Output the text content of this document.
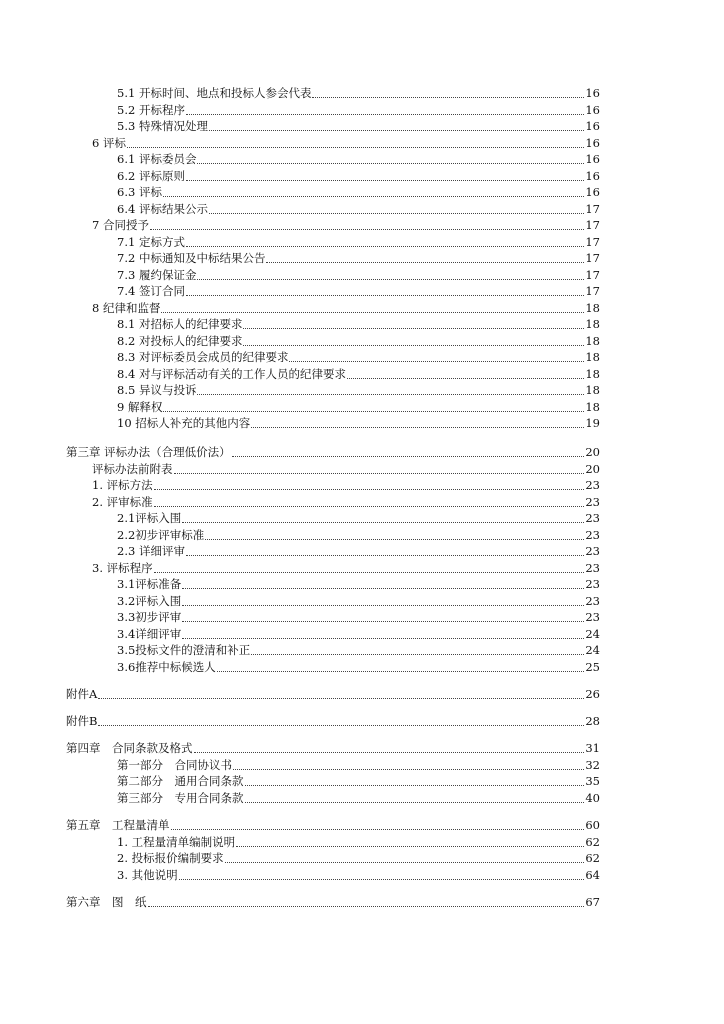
5.1 开标时间、地点和投标人参会代表	16
5.2 开标程序	16
5.3 特殊情况处理	16
6 评标	16
6.1 评标委员会	16
6.2 评标原则	16
6.3 评标	16
6.4 评标结果公示	17
7 合同授予	17
7.1 定标方式	17
7.2 中标通知及中标结果公告	17
7.3 履约保证金	17
7.4 签订合同	17
8 纪律和监督	18
8.1 对招标人的纪律要求	18
8.2 对投标人的纪律要求	18
8.3 对评标委员会成员的纪律要求	18
8.4 对与评标活动有关的工作人员的纪律要求	18
8.5 异议与投诉	18
9 解释权	18
10 招标人补充的其他内容	19
第三章 评标办法（合理低价法）	20
评标办法前附表	20
1. 评标方法	23
2. 评审标准	23
2.1评标入围	23
2.2初步评审标准	23
2.3 详细评审	23
3. 评标程序	23
3.1评标准备	23
3.2评标入围	23
3.3初步评审	23
3.4详细评审	24
3.5投标文件的澄清和补正	24
3.6推荐中标候选人	25
附件A	26
附件B	28
第四章　合同条款及格式	31
第一部分　合同协议书	32
第二部分　通用合同条款	35
第三部分　专用合同条款	40
第五章　工程量清单	60
1. 工程量清单编制说明	62
2. 投标报价编制要求	62
3. 其他说明	64
第六章　图　纸	67
